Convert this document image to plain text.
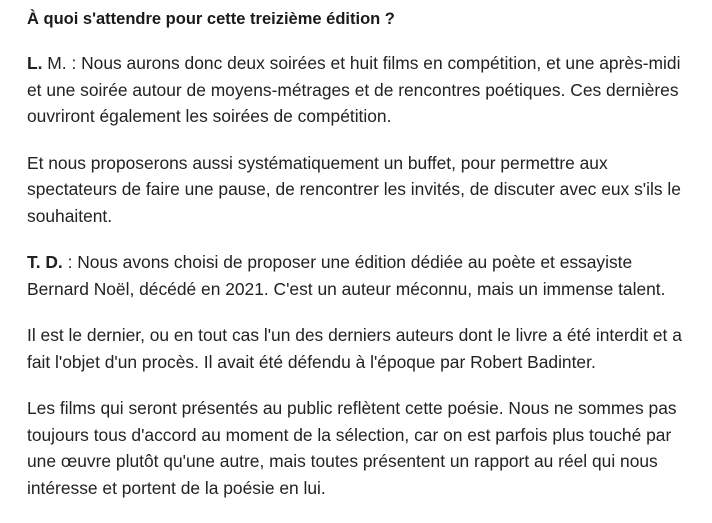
À quoi s'attendre pour cette treizième édition ?

L. M. : Nous aurons donc deux soirées et huit films en compétition, et une après-midi et une soirée autour de moyens-métrages et de rencontres poétiques. Ces dernières ouvriront également les soirées de compétition.

Et nous proposerons aussi systématiquement un buffet, pour permettre aux spectateurs de faire une pause, de rencontrer les invités, de discuter avec eux s'ils le souhaitent.

T. D. : Nous avons choisi de proposer une édition dédiée au poète et essayiste Bernard Noël, décédé en 2021. C'est un auteur méconnu, mais un immense talent.

Il est le dernier, ou en tout cas l'un des derniers auteurs dont le livre a été interdit et a fait l'objet d'un procès. Il avait été défendu à l'époque par Robert Badinter.

Les films qui seront présentés au public reflètent cette poésie. Nous ne sommes pas toujours tous d'accord au moment de la sélection, car on est parfois plus touché par une œuvre plutôt qu'une autre, mais toutes présentent un rapport au réel qui nous intéresse et portent de la poésie en lui.
